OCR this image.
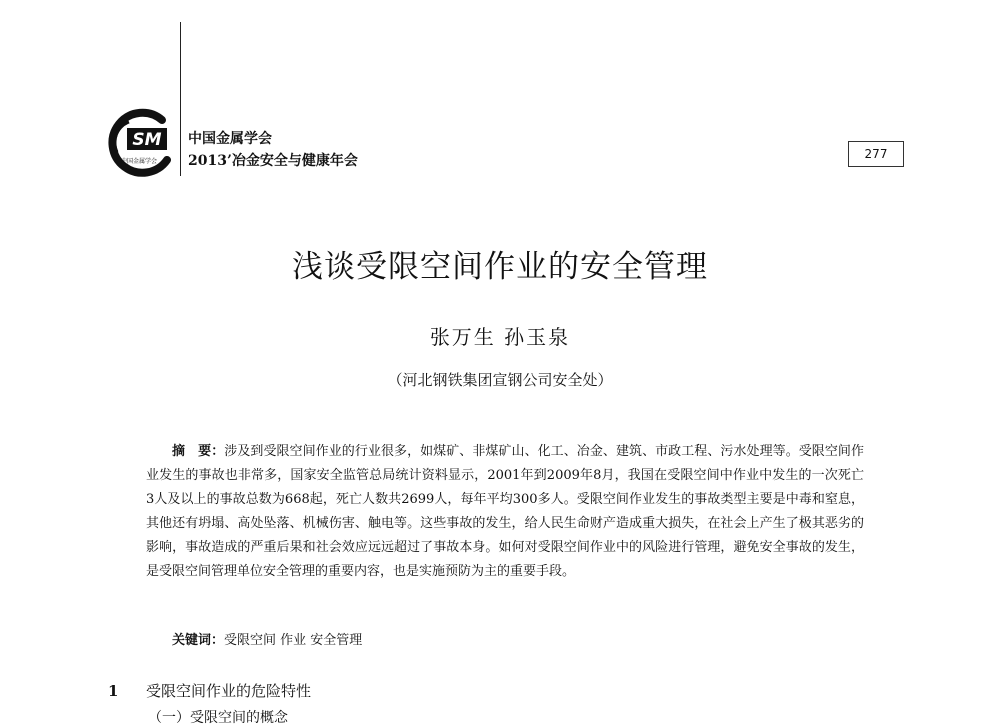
SM
中国金属学会
中国金属学会
2013’冶金安全与健康年会	277
浅谈受限空间作业的安全管理
张万生 孙玉泉
（河北钢铁集团宣钢公司安全处）
摘　要：涉及到受限空间作业的行业很多，如煤矿、非煤矿山、化工、冶金、建筑、市政工程、污水处理等。受限空间作业发生的事故也非常多，国家安全监管总局统计资料显示，2001年到2009年8月，我国在受限空间中作业中发生的一次死亡3人及以上的事故总数为668起，死亡人数共2699人，每年平均300多人。受限空间作业发生的事故类型主要是中毒和窒息，其他还有坍塌、高处坠落、机械伤害、触电等。这些事故的发生，给人民生命财产造成重大损失，在社会上产生了极其恶劣的影响，事故造成的严重后果和社会效应远远超过了事故本身。如何对受限空间作业中的风险进行管理，避免安全事故的发生，是受限空间管理单位安全管理的重要内容，也是实施预防为主的重要手段。
关键词：受限空间 作业 安全管理
1 受限空间作业的危险特性
（一）受限空间的概念
